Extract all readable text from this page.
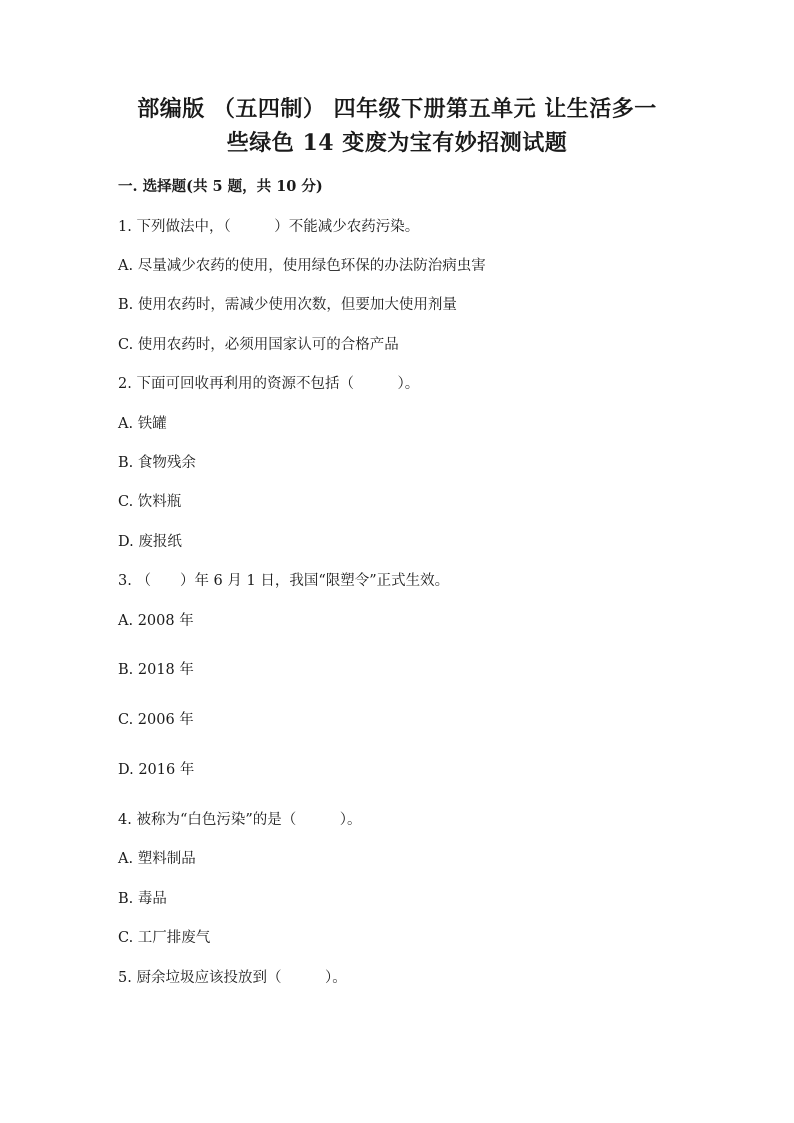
部编版 （五四制） 四年级下册第五单元 让生活多一
些绿色 14 变废为宝有妙招测试题
一. 选择题(共 5 题，共 10 分)
1. 下列做法中，（　　　）不能减少农药污染。
A. 尽量减少农药的使用，使用绿色环保的办法防治病虫害
B. 使用农药时，需减少使用次数，但要加大使用剂量
C. 使用农药时，必须用国家认可的合格产品
2. 下面可回收再利用的资源不包括（　　　）。
A. 铁罐
B. 食物残余
C. 饮料瓶
D. 废报纸
3. （　　）年 6 月 1 日，我国“限塑令”正式生效。
A. 2008 年
B. 2018 年
C. 2006 年
D. 2016 年
4. 被称为“白色污染”的是（　　　）。
A. 塑料制品
B. 毒品
C. 工厂排废气
5. 厨余垃圾应该投放到（　　　）。
